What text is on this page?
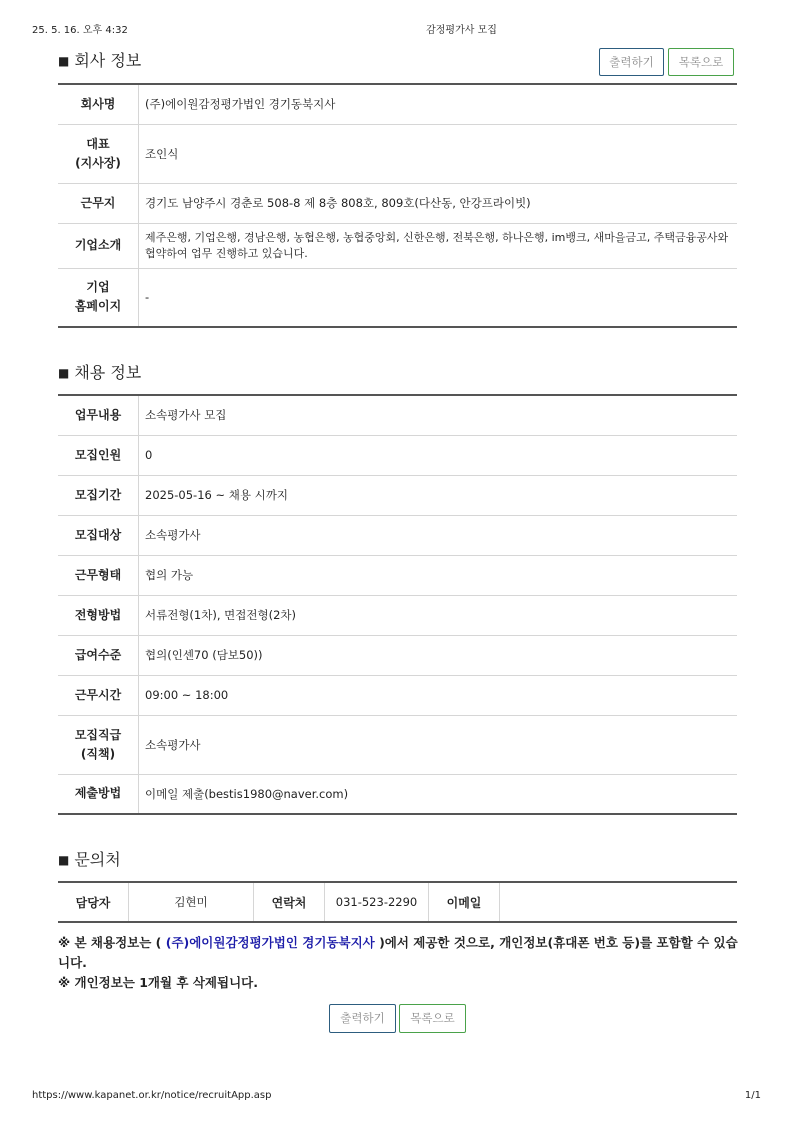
25. 5. 16. 오후 4:32	감정평가사 모집
■ 회사 정보	출력하기	목록으로
회사명	(주)에이원감정평가법인 경기동북지사
대표
(지사장)	조인식
근무지	경기도 남양주시 경춘로 508-8 제 8층 808호, 809호(다산동, 안강프라이빗)
기업소개	제주은행, 기업은행, 경남은행, 농협은행, 농협중앙회, 신한은행, 전북은행, 하나은행, im뱅크, 새마을금고, 주택금융공사와 협약하여 업무 진행하고 있습니다.
기업
홈페이지	-
■ 채용 정보
업무내용	소속평가사 모집
모집인원	0
모집기간	2025-05-16 ~ 채용 시까지
모집대상	소속평가사
근무형태	협의 가능
전형방법	서류전형(1차), 면접전형(2차)
급여수준	협의(인센70 (담보50))
근무시간	09:00 ~ 18:00
모집직급
(직책)	소속평가사
제출방법	이메일 제출(bestis1980@naver.com)
■ 문의처
담당자	김현미	연락처	031-523-2290	이메일	
※ 본 채용정보는 ( (주)에이원감정평가법인 경기동북지사 )에서 제공한 것으로, 개인정보(휴대폰 번호 등)를 포함할 수 있습니다.
※ 개인정보는 1개월 후 삭제됩니다.
출력하기	목록으로
https://www.kapanet.or.kr/notice/recruitApp.asp	1/1
